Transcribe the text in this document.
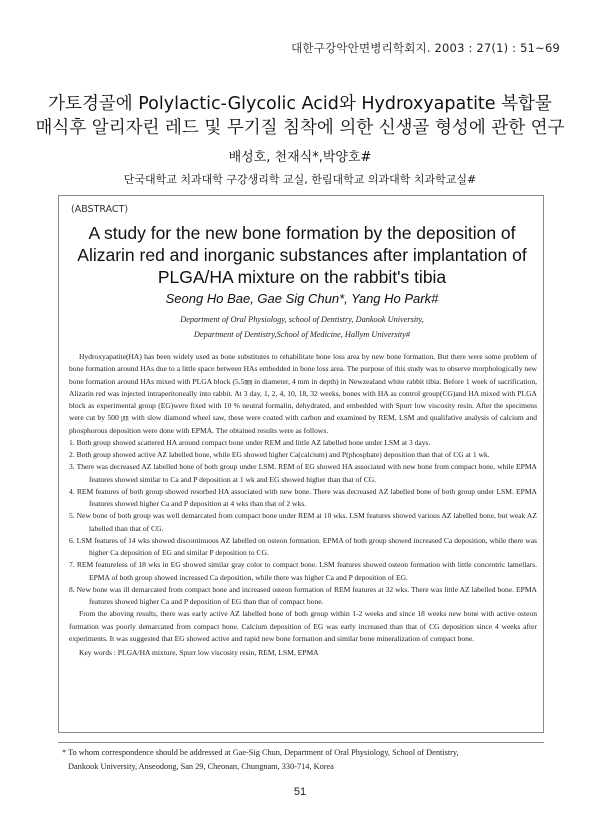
대한구강악안면병리학회지. 2003 : 27(1) : 51~69
가토경골에 Polylactic-Glycolic Acid와 Hydroxyapatite 복합물
매식후 알리자린 레드 및 무기질 침착에 의한 신생골 형성에 관한 연구
배성호, 천재식*,박양호#
단국대학교 치과대학 구강생리학 교실, 한림대학교 의과대학 치과학교실#
(ABSTRACT)
A study for the new bone formation by the deposition of
Alizarin red and inorganic substances after implantation of
PLGA/HA mixture on the rabbit's tibia
Seong Ho Bae, Gae Sig Chun*, Yang Ho Park#
Department of Oral Physiology, school of Dentistry, Dankook University,
Department of Dentistry,School of Medicine, Hallym University#

Hydroxyapatite(HA) has been widely used as bone substitutes to rehabilitate bone loss area by new bone formation. But there were some problem of bone formation around HAs due to a little space between HAs embedded in bone loss area. The purpose of this study was to observe morphologically new bone formation around HAs mixed with PLGA block (5.5㎜ in diameter, 4 mm in depth) in Newzealand white rabbit tibia. Before 1 week of sacrification, Alizarin red was injected intraperitoneally into rabbit. At 3 day, 1, 2, 4, 10, 18, 32 weeks, bones with HA as control group(CG)and HA mixed with PLGA block as experimental group (EG)were fixed with 10 % neutral formalin, dehydrated, and embedded with Spurr low viscosity resin. After the specimens were cut by 500 ㎛ with slow diamond wheel saw, these were coated with carbon and examined by REM, LSM and qualifative analysis of calcium and phosphorous deposition were done with EPMA. The obtained results were as follows.

1. Both group showed scattered HA around compact bone under REM and little AZ labelled bone under LSM at 3 days.
2. Both group showed active AZ labelled bone, while EG showed higher Ca(calcium) and P(phosphate) deposition than that of CG at 1 wk.
3. There was decreased AZ labelled bone of both group under LSM. REM of EG showed HA associated with new bone from compact bone, while EPMA features showed similar to Ca and P deposition at 1 wk and EG showed higher than that of CG.
4. REM features of both group showed resorbed HA associated with new bone. There was decreased AZ labelled bone of both group under LSM. EPMA features showed higher Ca and P deposition at 4 wks than that of 2 wks.
5. New bone of both group was well demarcated from compact bone under REM at 10 wks. LSM features showed various AZ labelled bone, but weak AZ labelled than that of CG.
6. LSM features of 14 wks showed discontinuous AZ labelled on osteon formation. EPMA of both group showed increased Ca deposition, while there was higher Ca deposition of EG and similar P deposition to CG.
7. REM featureless of 18 wks in EG showed similar gray color to compact bone. LSM features showed osteon formation with little concentric lamellars. EPMA of both group showed increased Ca deposition, while there was higher Ca and P deposition of EG.
8. New bone was ill demarcated from compact bone and increased osteon formation of REM features at 32 wks. There was little AZ labelled bone. EPMA features showed higher Ca and P deposition of EG than that of compact bone.

From the aboving results, there was early active AZ labelled bone of both group within 1-2 weeks and since 18 weeks new bone with active osteon formation was poorly demarcated from compact bone. Calcium deposition of EG was early increased than that of CG deposition since 4 weeks after experiments. It was suggested that EG showed active and rapid new bone formation and similar bone mineralization of compact bone.

Key words : PLGA/HA mixture, Spurr low viscosity resin, REM, LSM, EPMA

* To whom correspondence should be addressed at Gae-Sig Chun, Department of Oral Physiology, School of Dentistry,
Dankook University, Anseodong, San 29, Cheonan, Chungnam, 330-714, Korea
51
